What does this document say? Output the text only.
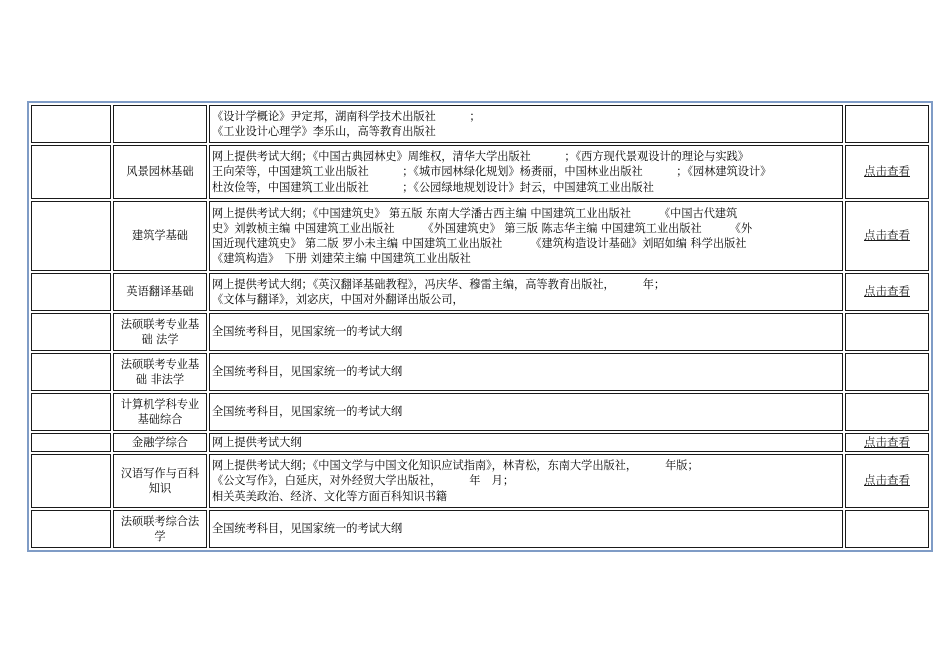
		《设计学概论》尹定邦，湖南科学技术出版社　　　；
《工业设计心理学》李乐山，高等教育出版社	

	风景园林基础	网上提供考试大纲；《中国古典园林史》周维权，清华大学出版社　　　；《西方现代景观设计的理论与实践》
王向荣等，中国建筑工业出版社　　　；《城市园林绿化规划》杨赉丽，中国林业出版社　　　；《园林建筑设计》
杜汝俭等，中国建筑工业出版社　　　；《公园绿地规划设计》封云，中国建筑工业出版社	点击查看
	建筑学基础	网上提供考试大纲；《中国建筑史》 第五版 东南大学潘古西主编 中国建筑工业出版社　　　《中国古代建筑
史》刘敦桢主编 中国建筑工业出版社　　　《外国建筑史》 第三版 陈志华主编 中国建筑工业出版社　　　《外
国近现代建筑史》 第二版 罗小未主编 中国建筑工业出版社　　　《建筑构造设计基础》刘昭如编 科学出版社
《建筑构造》　下册 刘建荣主编 中国建筑工业出版社	点击查看
	英语翻译基础	网上提供考试大纲；《英汉翻译基础教程》，冯庆华、穆雷主编，高等教育出版社，　　　年；
《文体与翻译》，刘宓庆，中国对外翻译出版公司，	点击查看
	法硕联考专业基础 法学	全国统考科目，见国家统一的考试大纲	

	法硕联考专业基础 非法学	全国统考科目，见国家统一的考试大纲	

	计算机学科专业基础综合	全国统考科目，见国家统一的考试大纲	

	金融学综合	网上提供考试大纲	点击查看
	汉语写作与百科知识	网上提供考试大纲；《中国文学与中国文化知识应试指南》，林青松，东南大学出版社，　　　年版；
《公文写作》，白延庆，对外经贸大学出版社，　　　年　月；
相关英美政治、经济、文化等方面百科知识书籍	点击查看
	法硕联考综合法学	全国统考科目，见国家统一的考试大纲	
